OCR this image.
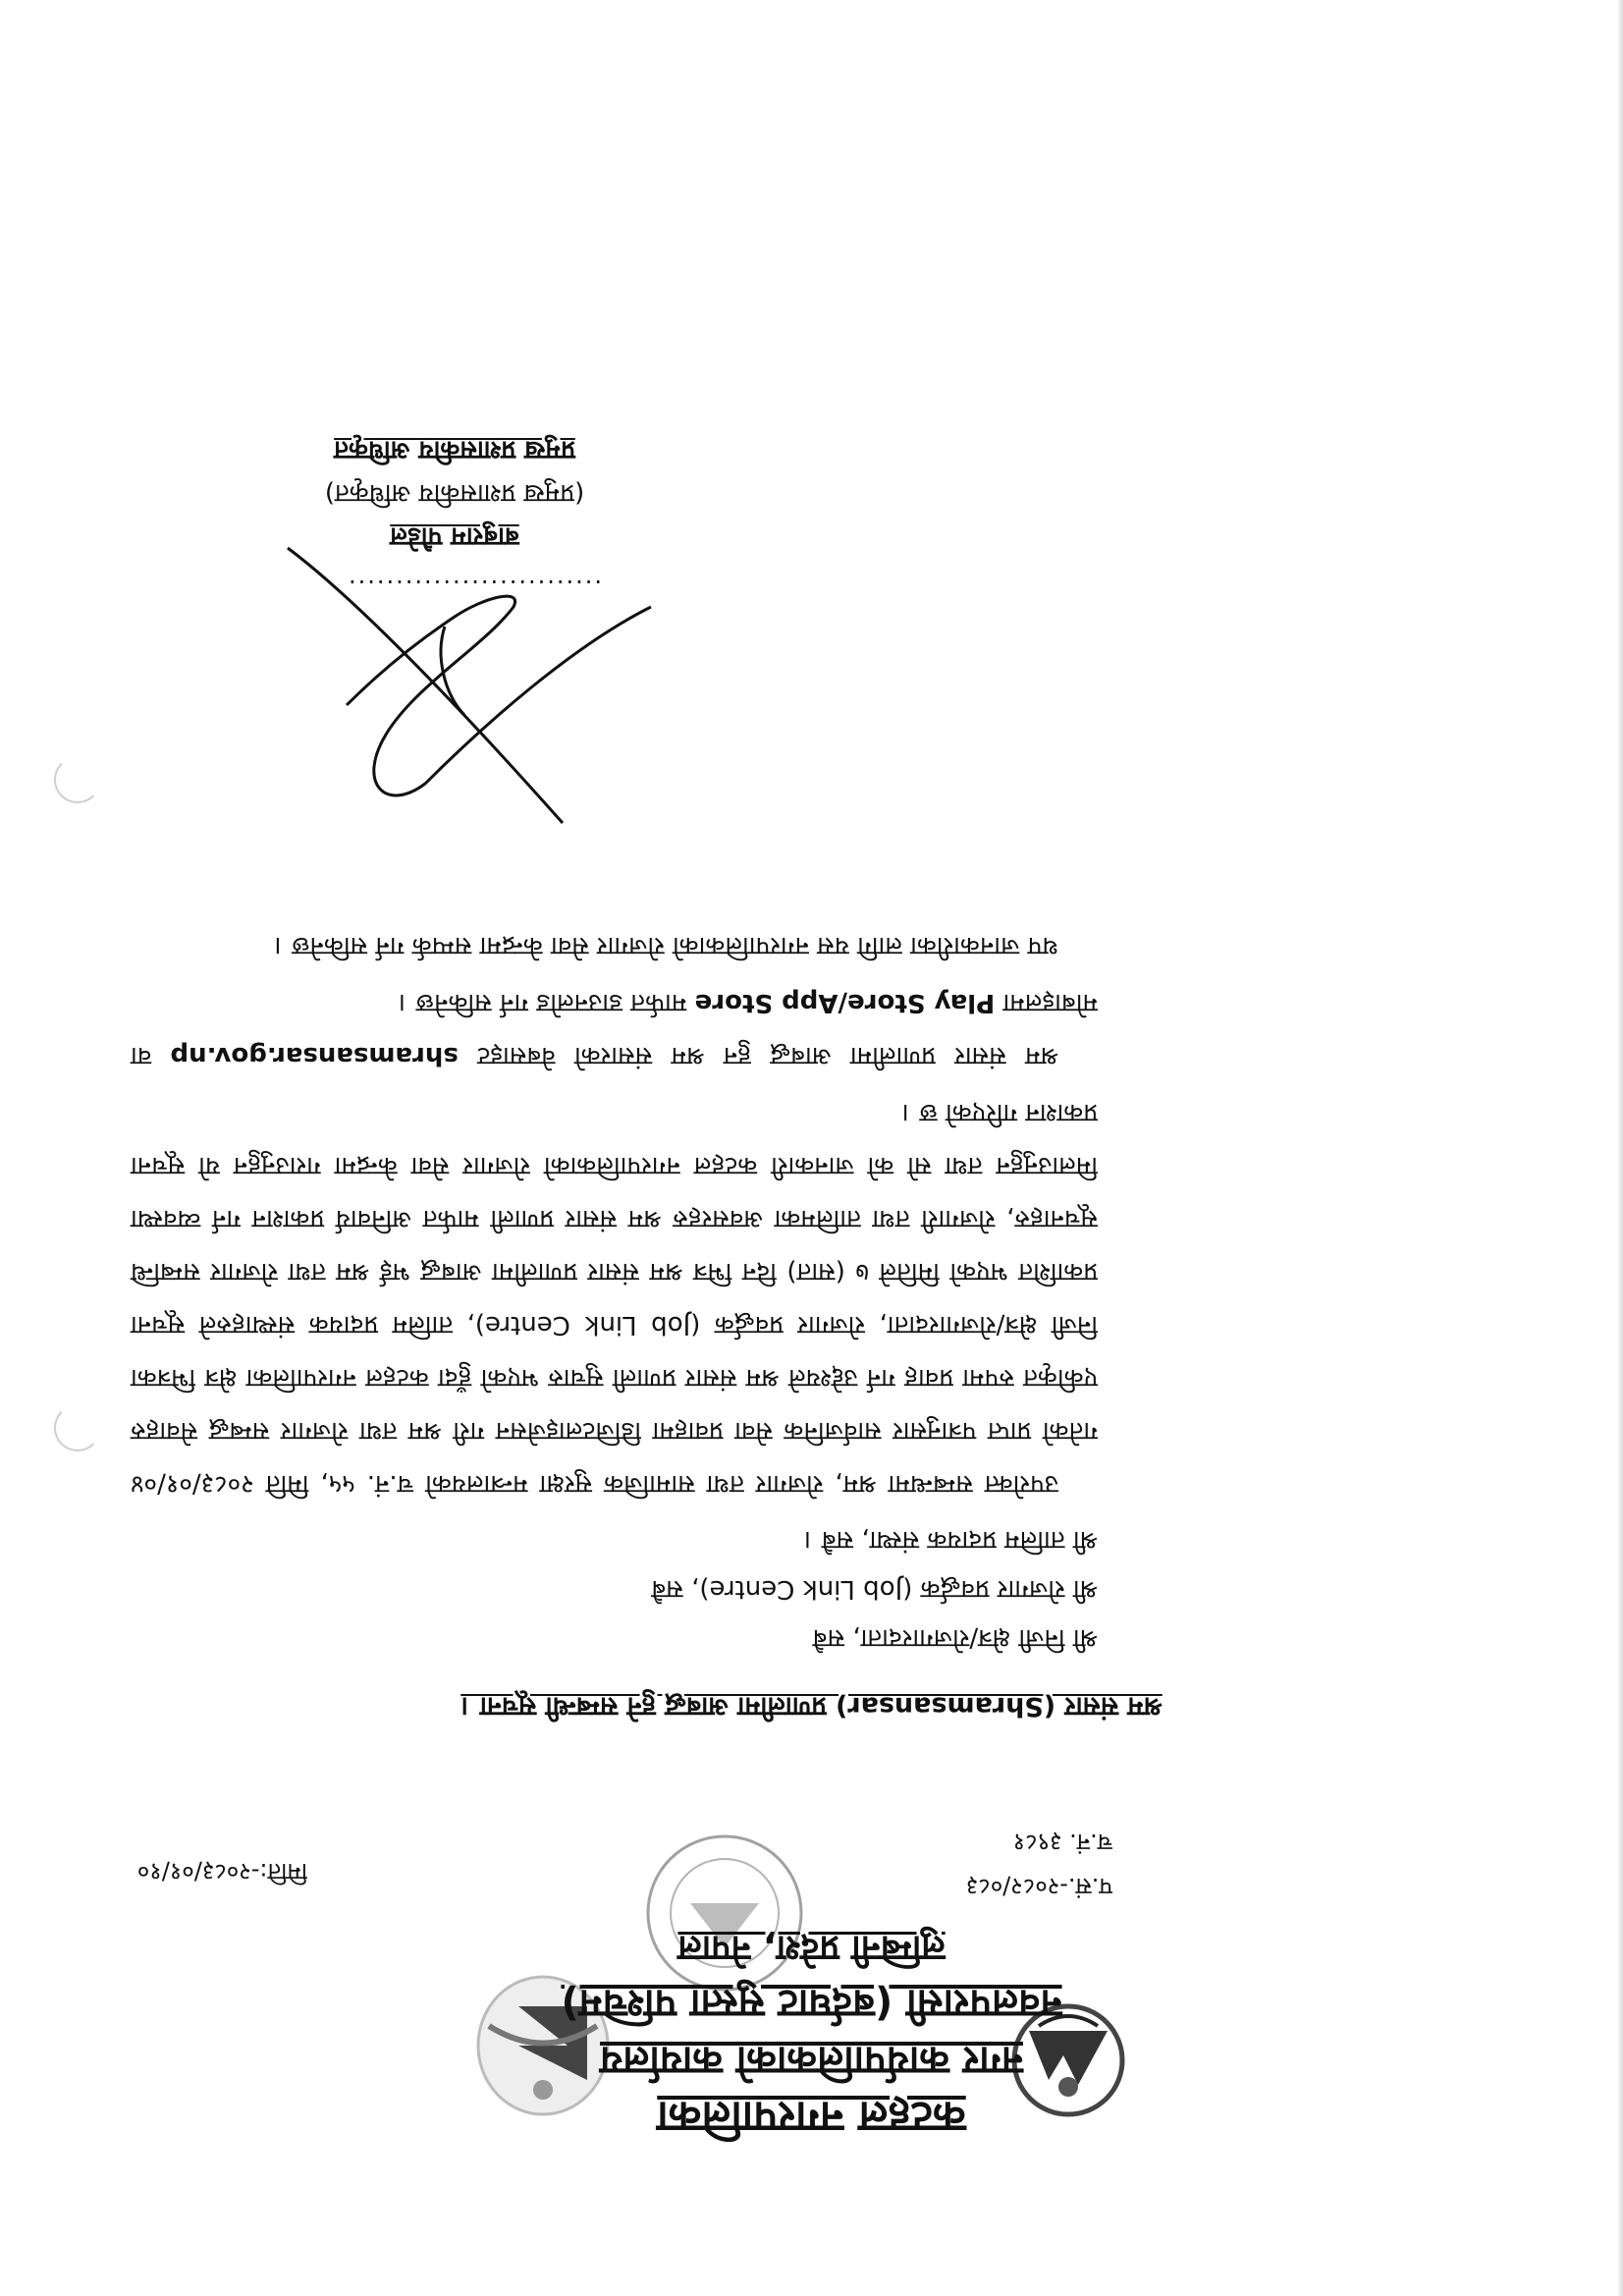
कटहल नगरपालिका
नगर कार्यपालिकाको कार्यालय
नवलपरासी (बर्दघाट सुस्ता पश्चिम)
लुम्बिनी प्रदेश, नेपाल
प.सं.-२०८२/०८३
च.नं. ३९८१
मिति:-२०८३/०१/१०
श्रम संसार (Shramsansar) प्रणालीमा आबद्ध हुने सम्बन्धी सूचना ।
श्री निजी क्षेत्र/रोजगारदाता, सबै
श्री रोजगार प्रवर्द्धक (Job Link Centre), सबै
श्री तालिम प्रदायक संस्था, सबै ।

उपरोक्त सम्बन्धमा श्रम, रोजगार तथा सामाजिक सुरक्षा मन्त्रालयको च.नं. ५५, मिति २०८३/०१/०४ गतेको प्राप्त पत्रानुसार सार्वजनिक सेवा प्रवाहमा डिजिटलाइजेसन गरी श्रम तथा रोजगार सम्बद्ध सेवाहरु एकीकृत रुपमा प्रवाह गर्न उद्देश्यले श्रम संसार प्रणाली सुचारु भएको हुँदा कटहल नगरपालिका क्षेत्र भित्रका निजी क्षेत्र/रोजगारदाता, रोजगार प्रवर्द्धक (Job Link Centre), तालिम प्रदायक संस्थाहरुले सूचना प्रकाशित भएको मितिले ७ (सात) दिन भित्र श्रम संसार प्रणालीमा आबद्ध भई श्रम तथा रोजगार सम्बन्धि सूचनाहरु, रोजगारी तथा तालिमका अवसरहरु श्रम संसार प्रणाली मार्फत अनिवार्य प्रकाशन गर्न व्यवस्था मिलाउनुहुन तथा सो को जानकारी कटहल नगरपालिकाको रोजगार सेवा केन्द्रमा गराउनुहुन यो सूचना प्रकाशन गरिएको छ ।

श्रम संसार प्रणालीमा आबद्ध हुन श्रम संसारको वेबसाइट shramsansar.gov.np वा मोबाइलमा Play Store/App Store मार्फत डाउनलोड गर्न सकिनेछ ।

थप जानकारीका लागि यस नगरपालिकाको रोजगार सेवा केन्द्रमा सम्पर्क गर्न सकिनेछ ।

...........................
बाबुराम पौडेल
(प्रमुख प्रशासकीय अधिकृत)
प्रमुख प्रशासकीय अधिकृत
